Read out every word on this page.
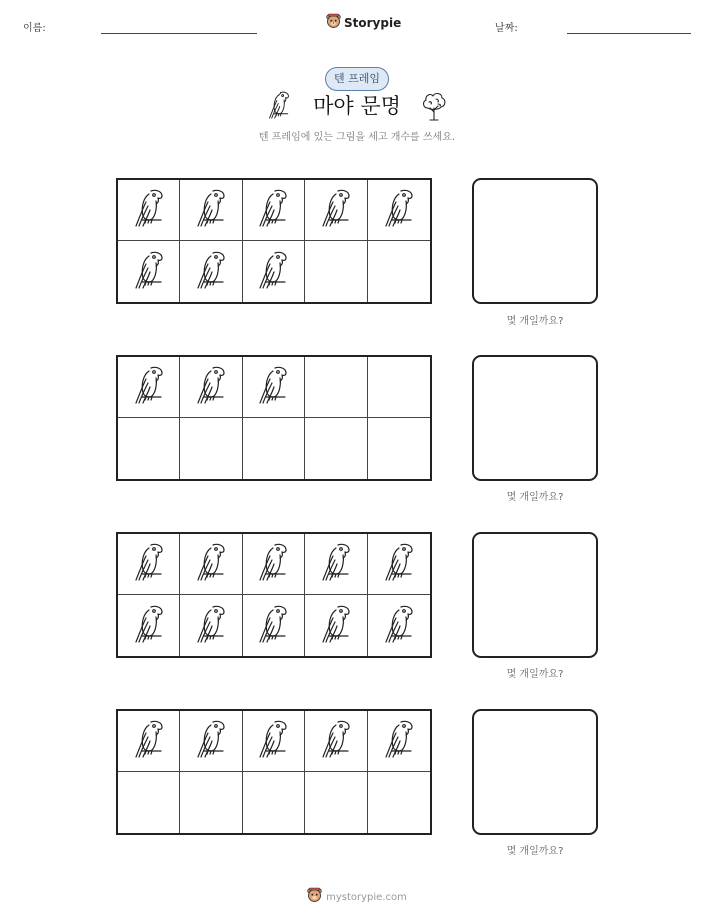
이름:	Storypie	날짜:
텐 프레임
마야 문명
텐 프레임에 있는 그림을 세고 개수를 쓰세요.
몇 개일까요?
몇 개일까요?
몇 개일까요?
몇 개일까요?
mystorypie.com
